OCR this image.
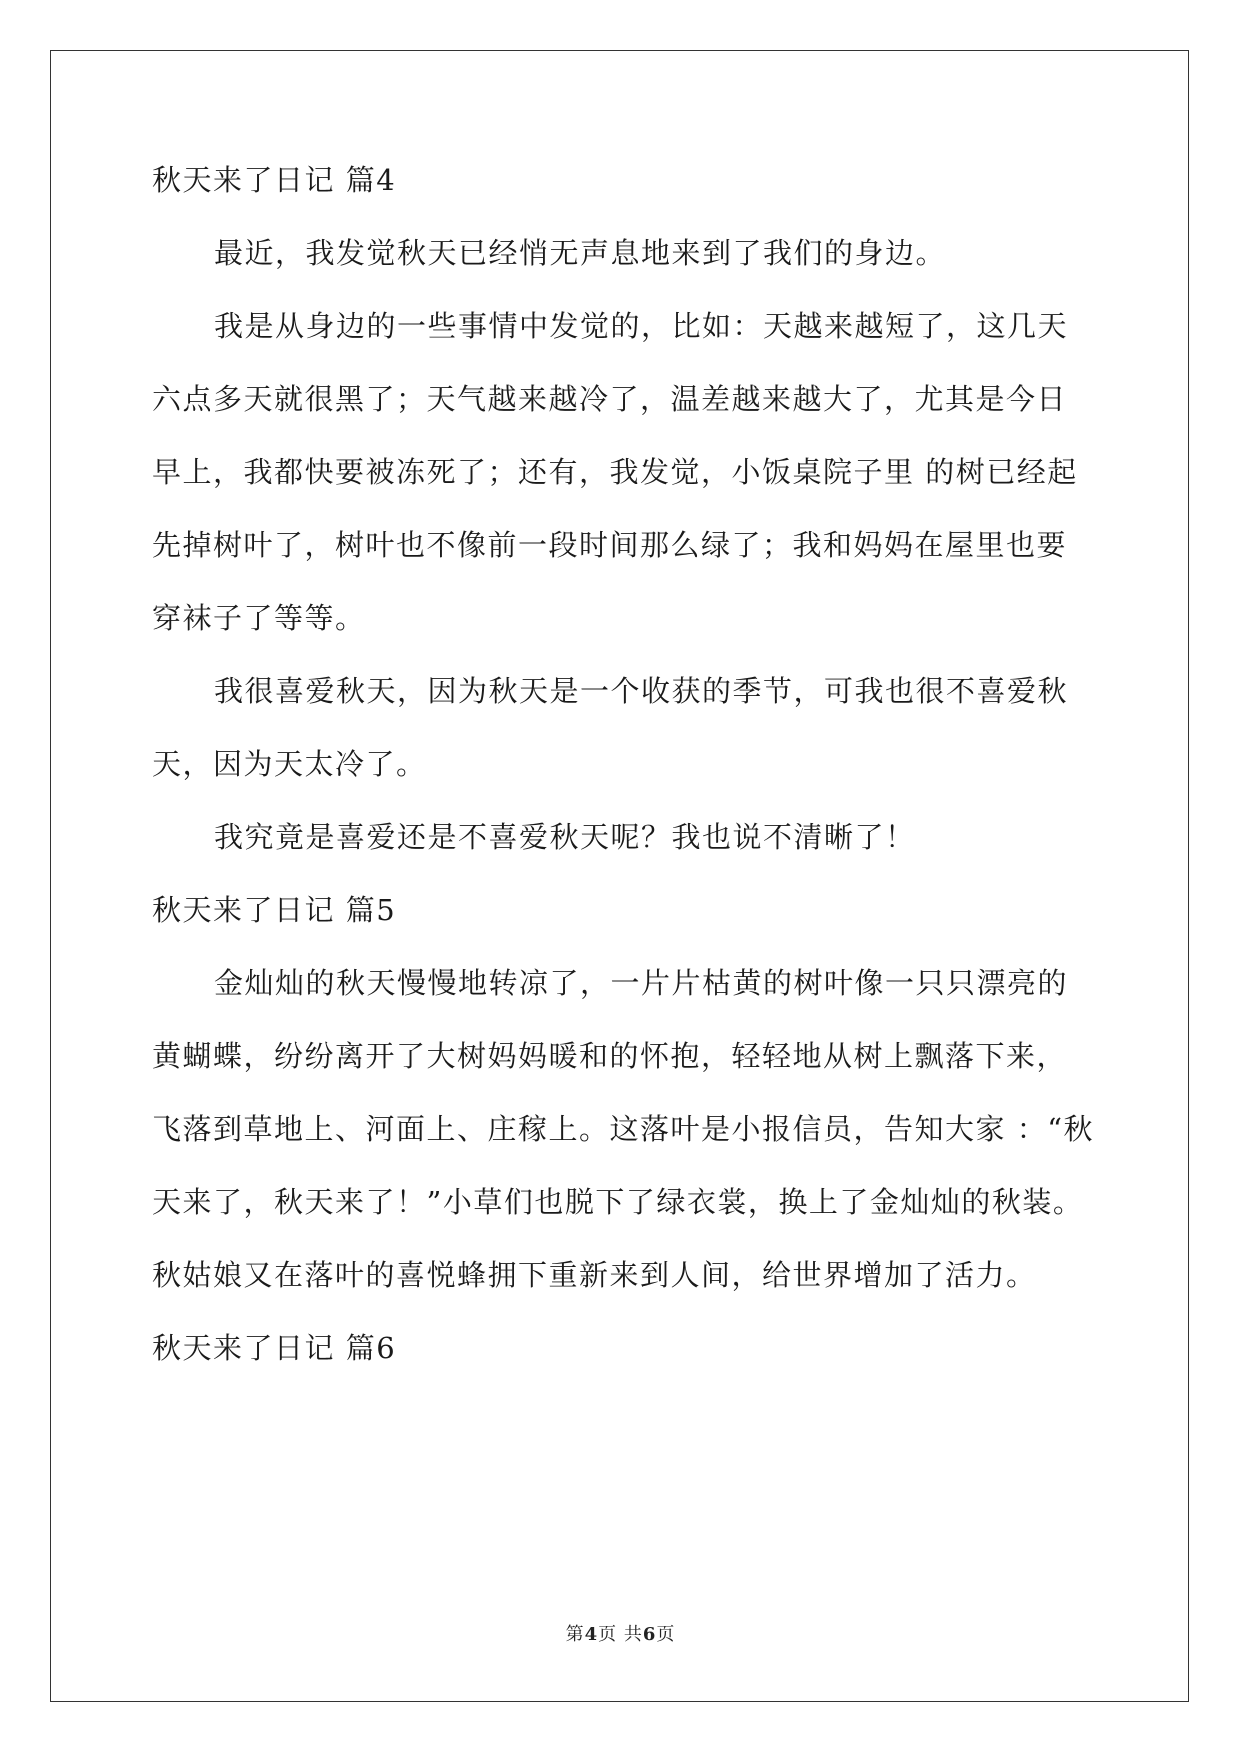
秋天来了日记 篇4
最近，我发觉秋天已经悄无声息地来到了我们的身边。
我是从身边的一些事情中发觉的，比如：天越来越短了，这几天
六点多天就很黑了；天气越来越冷了，温差越来越大了，尤其是今日
早上，我都快要被冻死了；还有，我发觉，小饭桌院子里 的树已经起
先掉树叶了，树叶也不像前一段时间那么绿了；我和妈妈在屋里也要
穿袜子了等等。
我很喜爱秋天，因为秋天是一个收获的季节，可我也很不喜爱秋
天，因为天太冷了。
我究竟是喜爱还是不喜爱秋天呢？我也说不清晰了！
秋天来了日记 篇5
金灿灿的秋天慢慢地转凉了，一片片枯黄的树叶像一只只漂亮的
黄蝴蝶，纷纷离开了大树妈妈暖和的怀抱，轻轻地从树上飘落下来，
飞落到草地上、河面上、庄稼上。这落叶是小报信员，告知大家 ：“秋
天来了，秋天来了！”小草们也脱下了绿衣裳，换上了金灿灿的秋装。
秋姑娘又在落叶的喜悦蜂拥下重新来到人间，给世界增加了活力。
秋天来了日记 篇6
第4页 共6页
